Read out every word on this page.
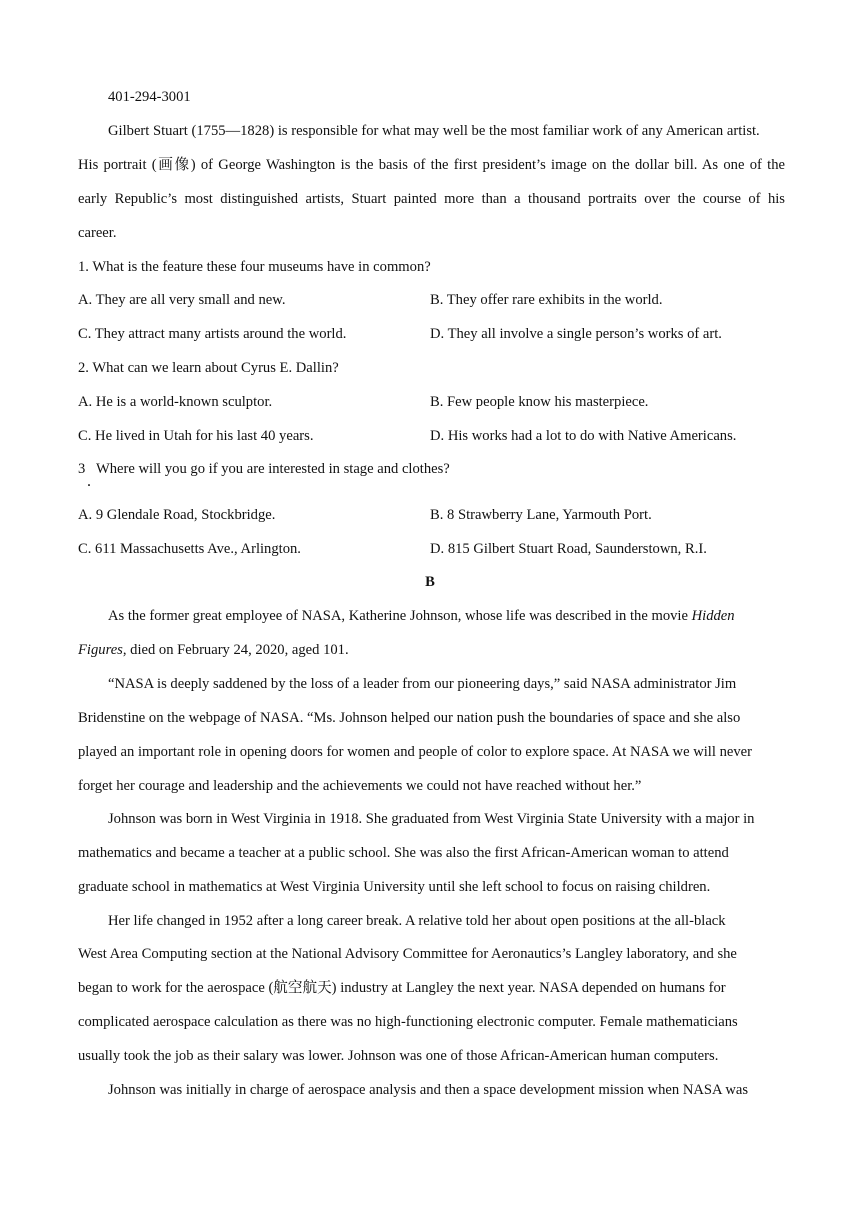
401-294-3001
Gilbert Stuart (1755—1828) is responsible for what may well be the most familiar work of any American artist.
His portrait (画像) of George Washington is the basis of the first president’s image on the dollar bill. As one of the
early Republic’s most distinguished artists, Stuart painted more than a thousand portraits over the course of his
career.
1. What is the feature these four museums have in common?
A. They are all very small and new.	B. They offer rare exhibits in the world.
C. They attract many artists around the world.	D. They all involve a single person’s works of art.
2. What can we learn about Cyrus E. Dallin?
A. He is a world-known sculptor.	B. Few people know his masterpiece.
C. He lived in Utah for his last 40 years.	D. His works had a lot to do with Native Americans.
3   Where will you go if you are interested in stage and clothes?
·
A. 9 Glendale Road, Stockbridge.	B. 8 Strawberry Lane, Yarmouth Port.
C. 611 Massachusetts Ave., Arlington.	D. 815 Gilbert Stuart Road, Saunderstown, R.I.
B
As the former great employee of NASA, Katherine Johnson, whose life was described in the movie Hidden
Figures, died on February 24, 2020, aged 101.
“NASA is deeply saddened by the loss of a leader from our pioneering days,” said NASA administrator Jim
Bridenstine on the webpage of NASA. “Ms. Johnson helped our nation push the boundaries of space and she also
played an important role in opening doors for women and people of color to explore space. At NASA we will never
forget her courage and leadership and the achievements we could not have reached without her.”
Johnson was born in West Virginia in 1918. She graduated from West Virginia State University with a major in
mathematics and became a teacher at a public school. She was also the first African-American woman to attend
graduate school in mathematics at West Virginia University until she left school to focus on raising children.
Her life changed in 1952 after a long career break. A relative told her about open positions at the all-black
West Area Computing section at the National Advisory Committee for Aeronautics’s Langley laboratory, and she
began to work for the aerospace (航空航天) industry at Langley the next year. NASA depended on humans for
complicated aerospace calculation as there was no high-functioning electronic computer. Female mathematicians
usually took the job as their salary was lower. Johnson was one of those African-American human computers.
Johnson was initially in charge of aerospace analysis and then a space development mission when NASA was
